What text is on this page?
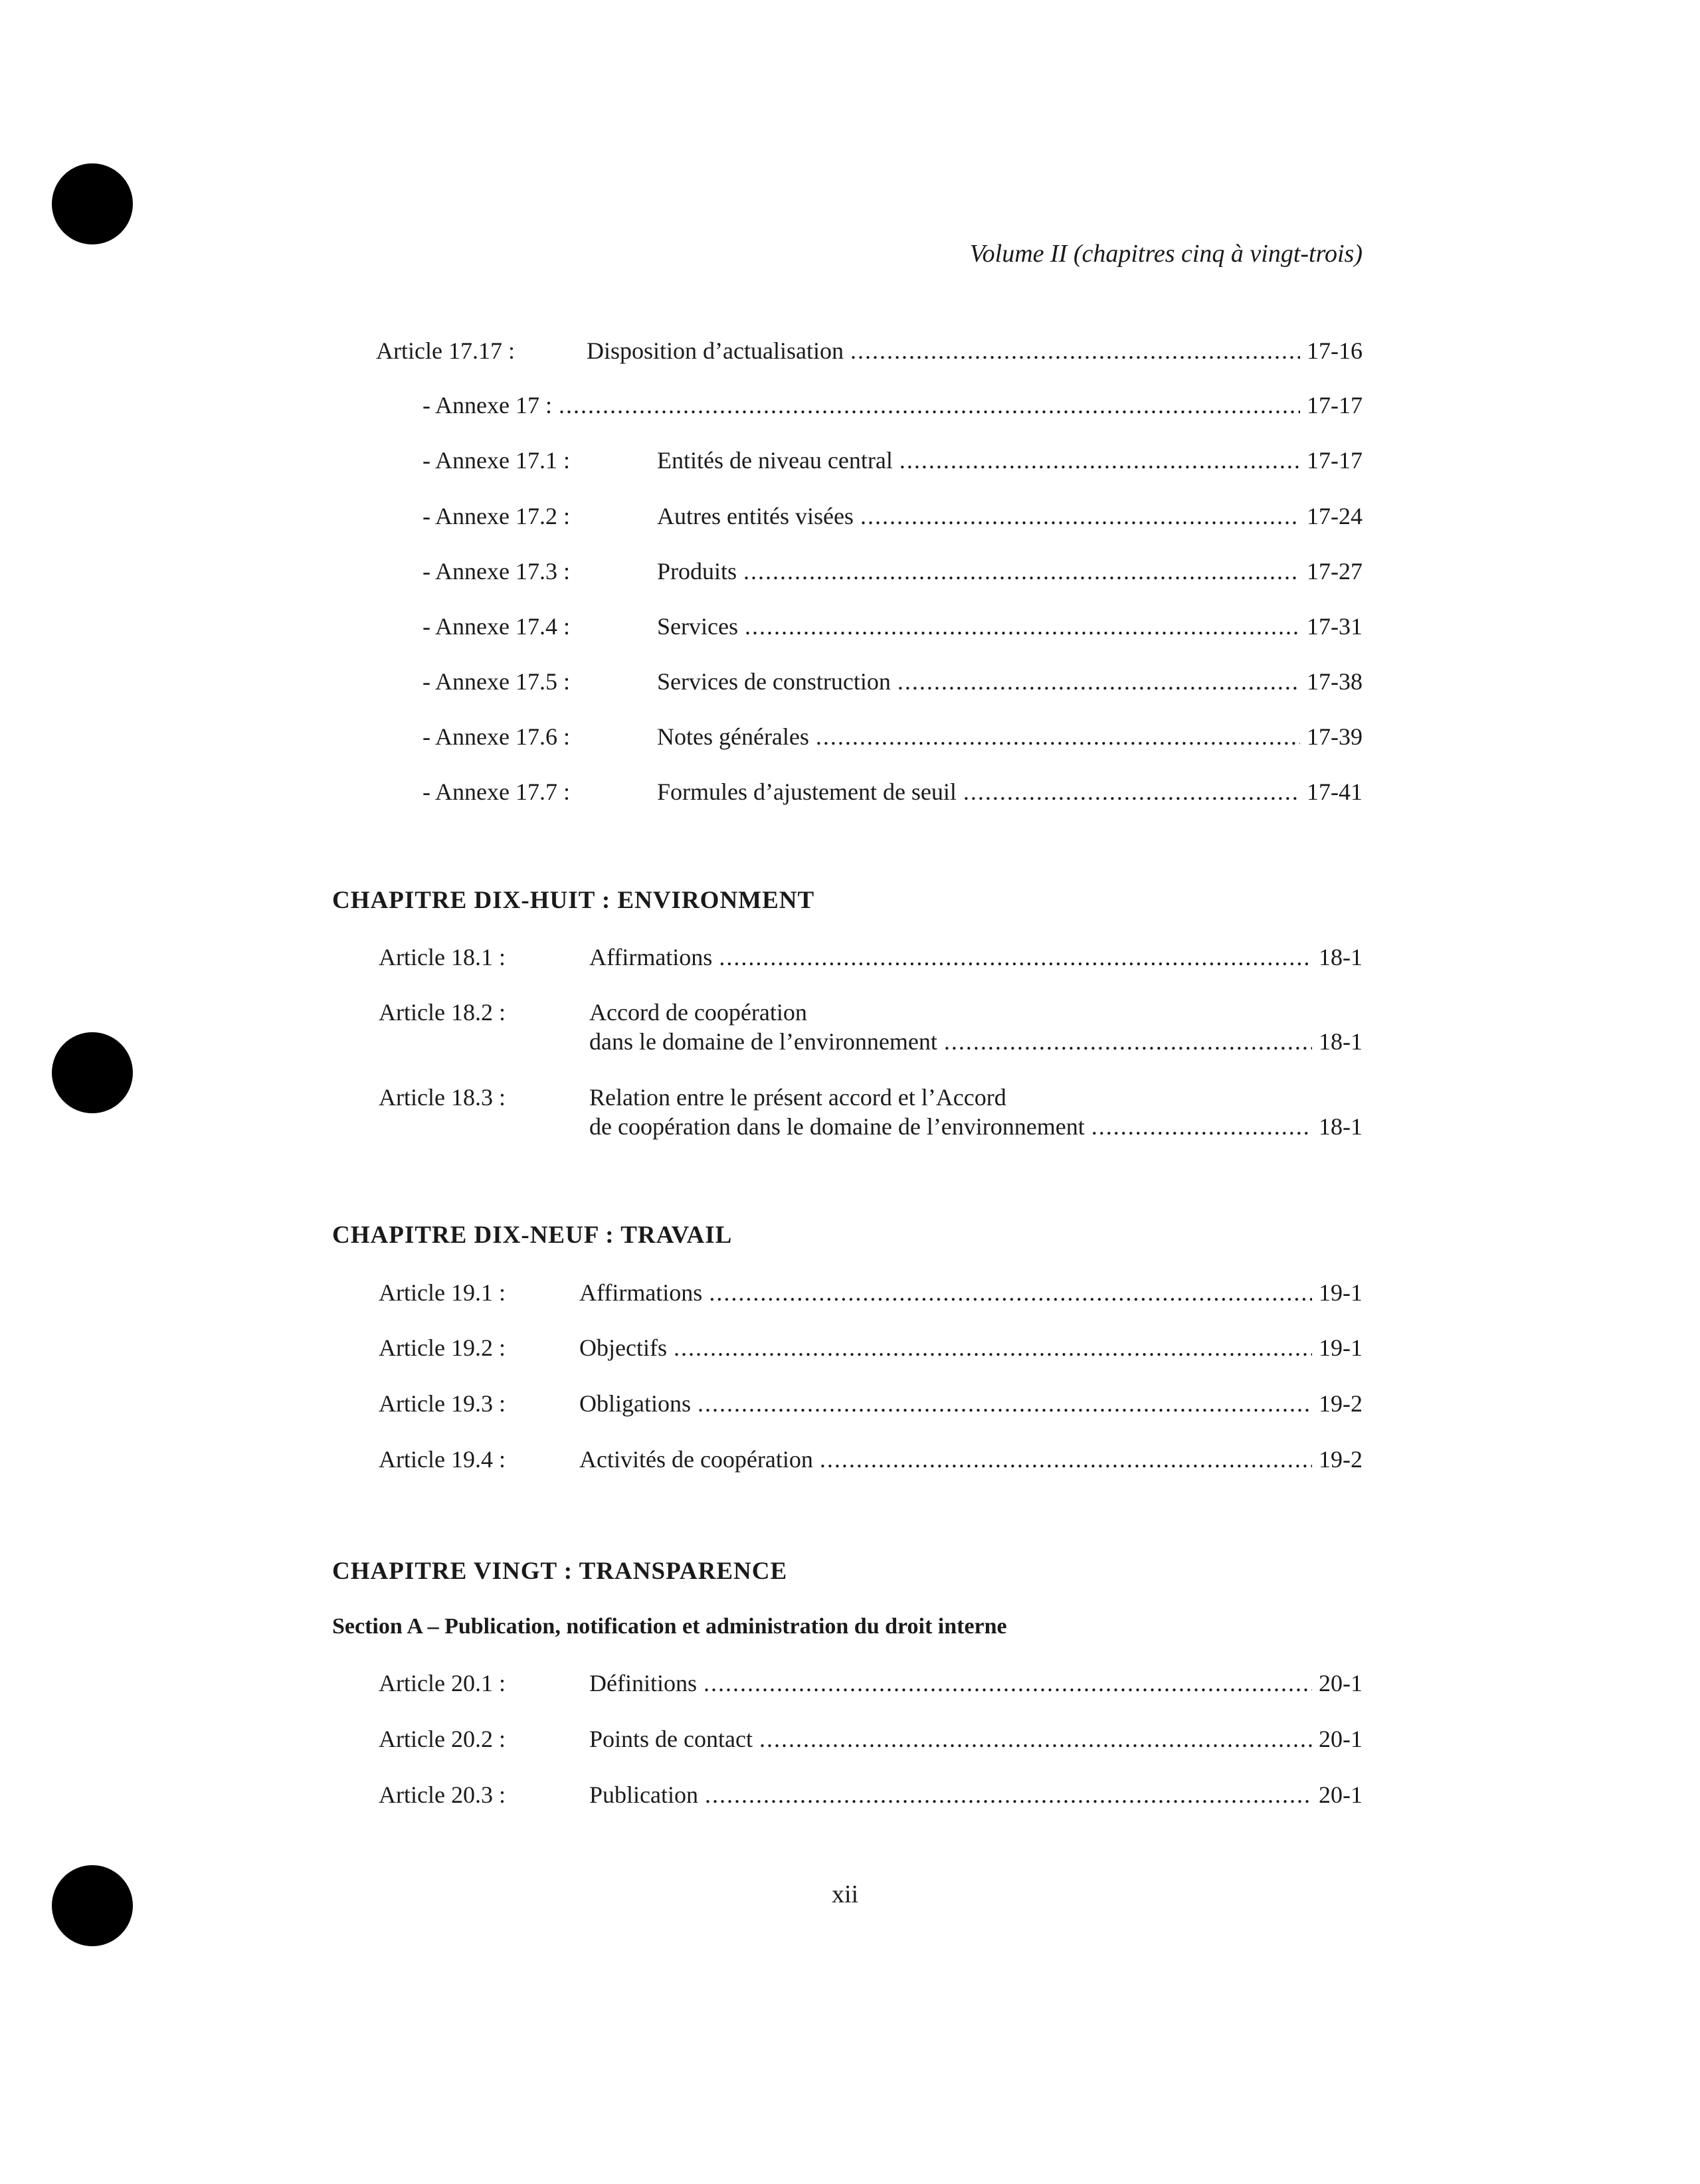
Volume II (chapitres cinq à vingt-trois)
Article 17.17 :	Disposition d’actualisation .....	17-16
- Annexe 17 : .....	17-17
- Annexe 17.1 :	Entités de niveau central .....	17-17
- Annexe 17.2 :	Autres entités visées .....	17-24
- Annexe 17.3 :	Produits .....	17-27
- Annexe 17.4 :	Services .....	17-31
- Annexe 17.5 :	Services de construction .....	17-38
- Annexe 17.6 :	Notes générales .....	17-39
- Annexe 17.7 :	Formules d’ajustement de seuil .....	17-41
CHAPITRE DIX-HUIT : ENVIRONMENT
Article 18.1 :	Affirmations .....	18-1
Article 18.2 :	Accord de coopération
dans le domaine de l’environnement .....	18-1
Article 18.3 :	Relation entre le présent accord et l’Accord
de coopération dans le domaine de l’environnement .....	18-1
CHAPITRE DIX-NEUF : TRAVAIL
Article 19.1 :	Affirmations .....	19-1
Article 19.2 :	Objectifs .....	19-1
Article 19.3 :	Obligations .....	19-2
Article 19.4 :	Activités de coopération .....	19-2
CHAPITRE VINGT : TRANSPARENCE
Section A – Publication, notification et administration du droit interne
Article 20.1 :	Définitions .....	20-1
Article 20.2 :	Points de contact .....	20-1
Article 20.3 :	Publication .....	20-1
xii
